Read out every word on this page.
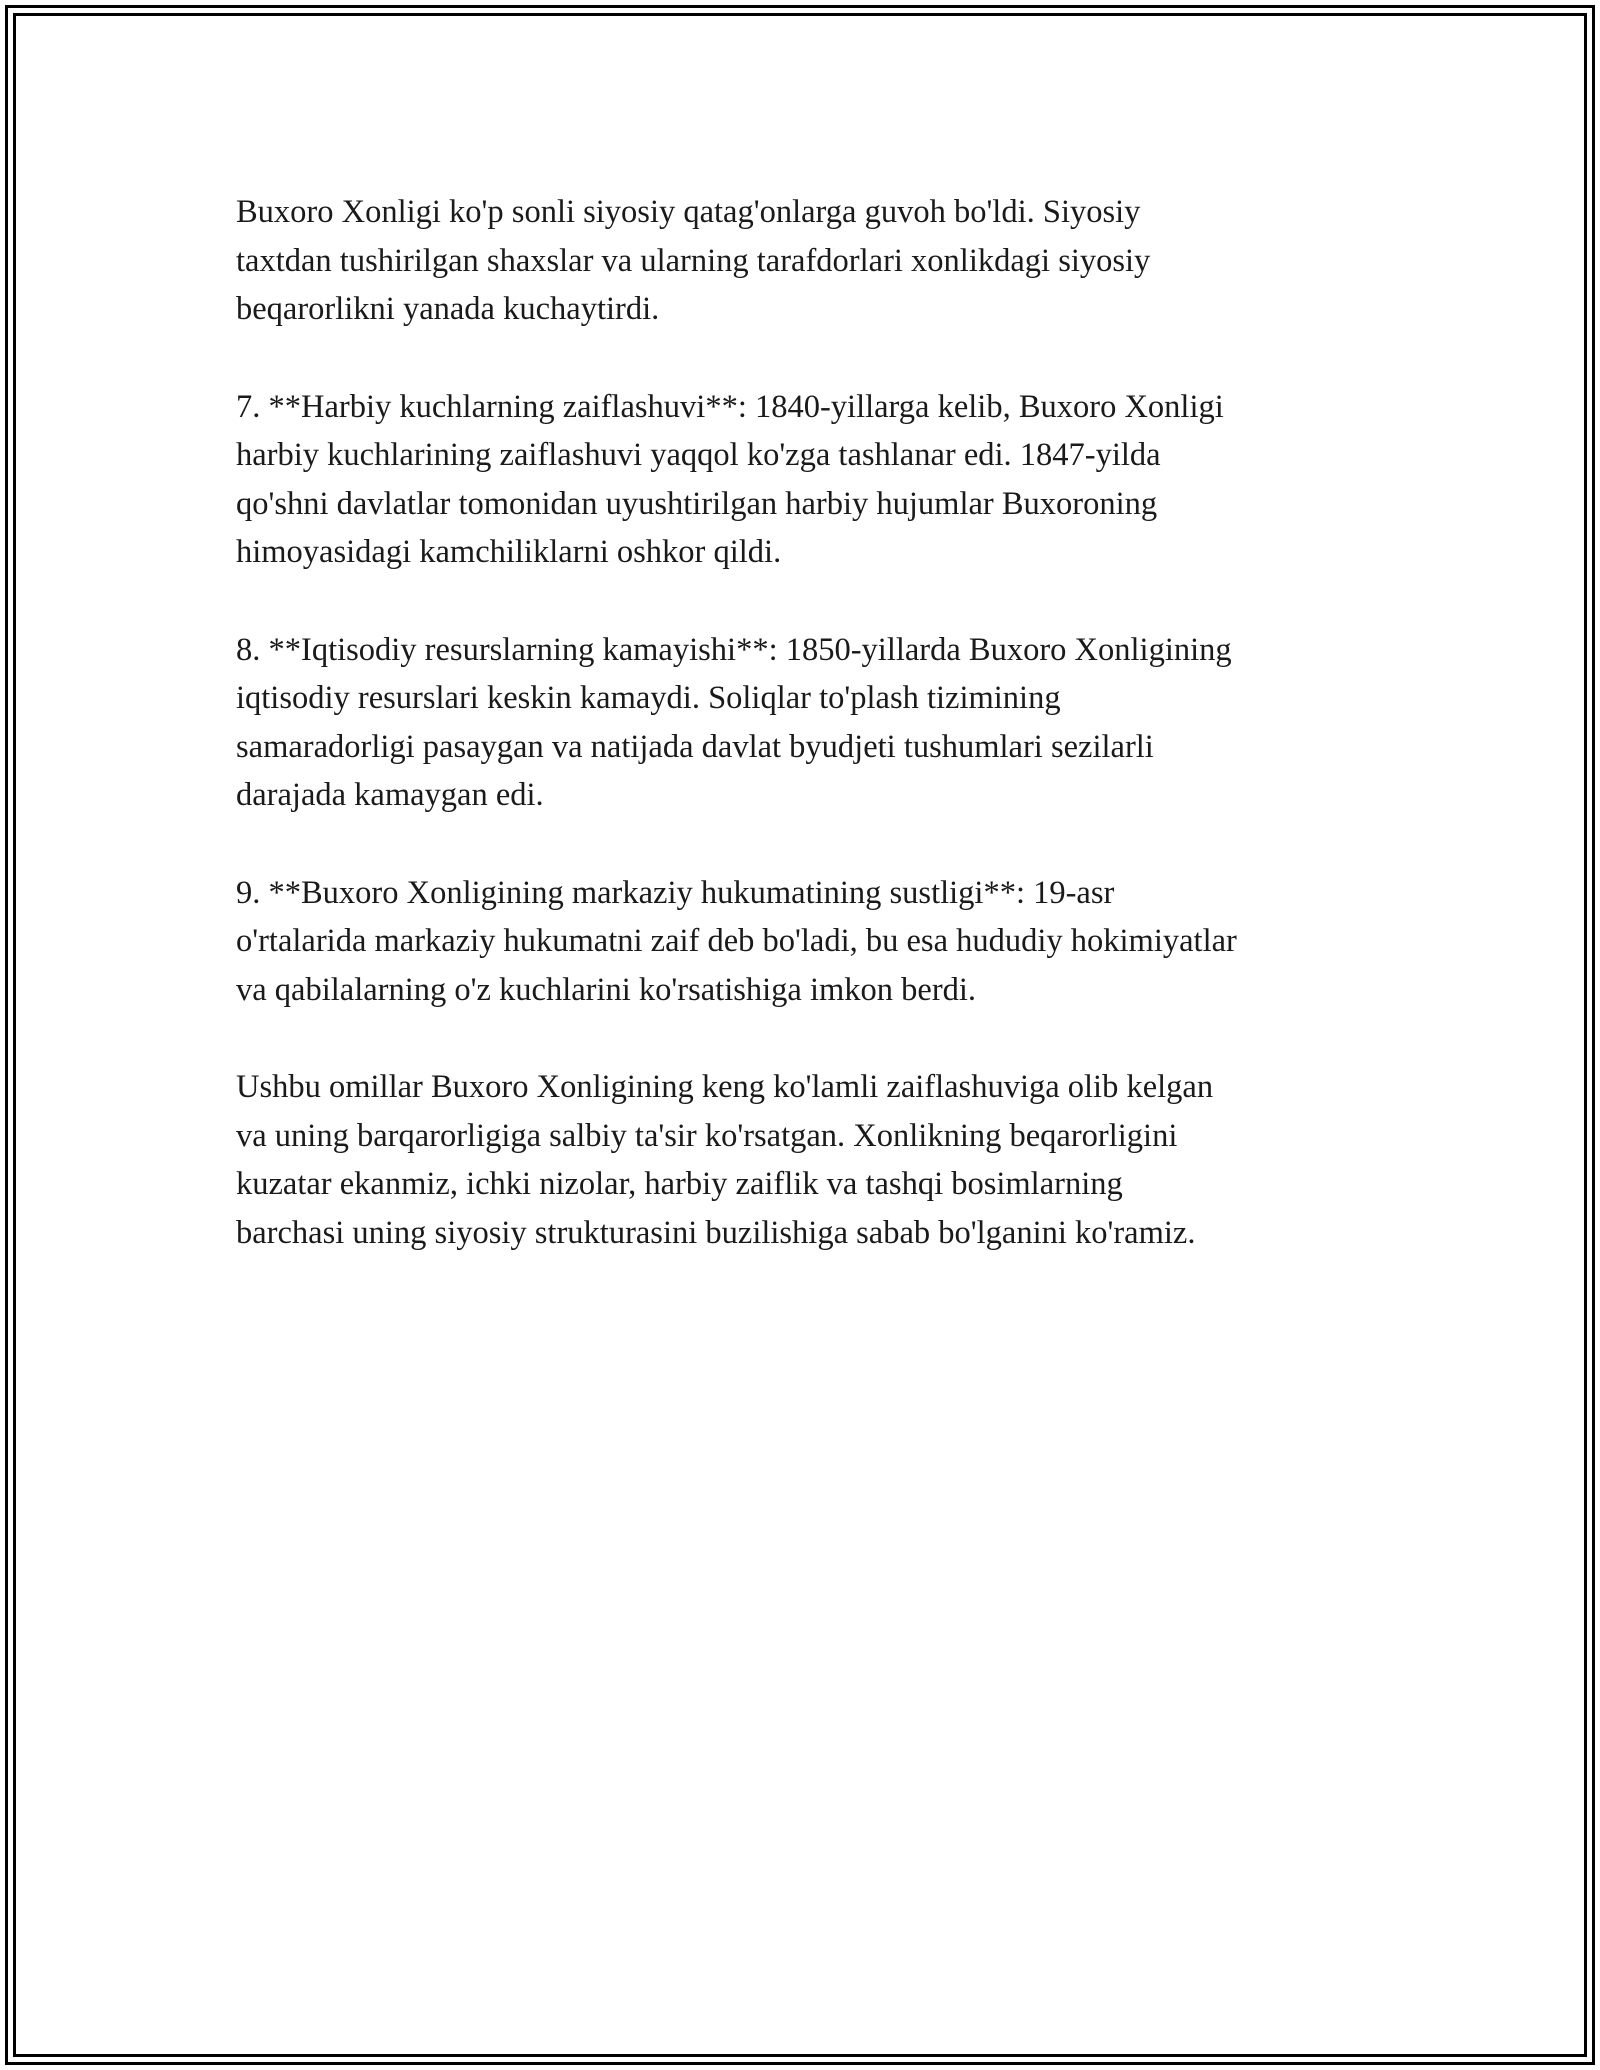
Buxoro Xonligi ko'p sonli siyosiy qatag'onlarga guvoh bo'ldi. Siyosiy
taxtdan tushirilgan shaxslar va ularning tarafdorlari xonlikdagi siyosiy
beqarorlikni yanada kuchaytirdi.

7. **Harbiy kuchlarning zaiflashuvi**: 1840-yillarga kelib, Buxoro Xonligi
harbiy kuchlarining zaiflashuvi yaqqol ko'zga tashlanar edi. 1847-yilda
qo'shni davlatlar tomonidan uyushtirilgan harbiy hujumlar Buxoroning
himoyasidagi kamchiliklarni oshkor qildi.

8. **Iqtisodiy resurslarning kamayishi**: 1850-yillarda Buxoro Xonligining
iqtisodiy resurslari keskin kamaydi. Soliqlar to'plash tizimining
samaradorligi pasaygan va natijada davlat byudjeti tushumlari sezilarli
darajada kamaygan edi.

9. **Buxoro Xonligining markaziy hukumatining sustligi**: 19-asr
o'rtalarida markaziy hukumatni zaif deb bo'ladi, bu esa hududiy hokimiyatlar
va qabilalarning o'z kuchlarini ko'rsatishiga imkon berdi.

Ushbu omillar Buxoro Xonligining keng ko'lamli zaiflashuviga olib kelgan
va uning barqarorligiga salbiy ta'sir ko'rsatgan. Xonlikning beqarorligini
kuzatar ekanmiz, ichki nizolar, harbiy zaiflik va tashqi bosimlarning
barchasi uning siyosiy strukturasini buzilishiga sabab bo'lganini ko'ramiz.
